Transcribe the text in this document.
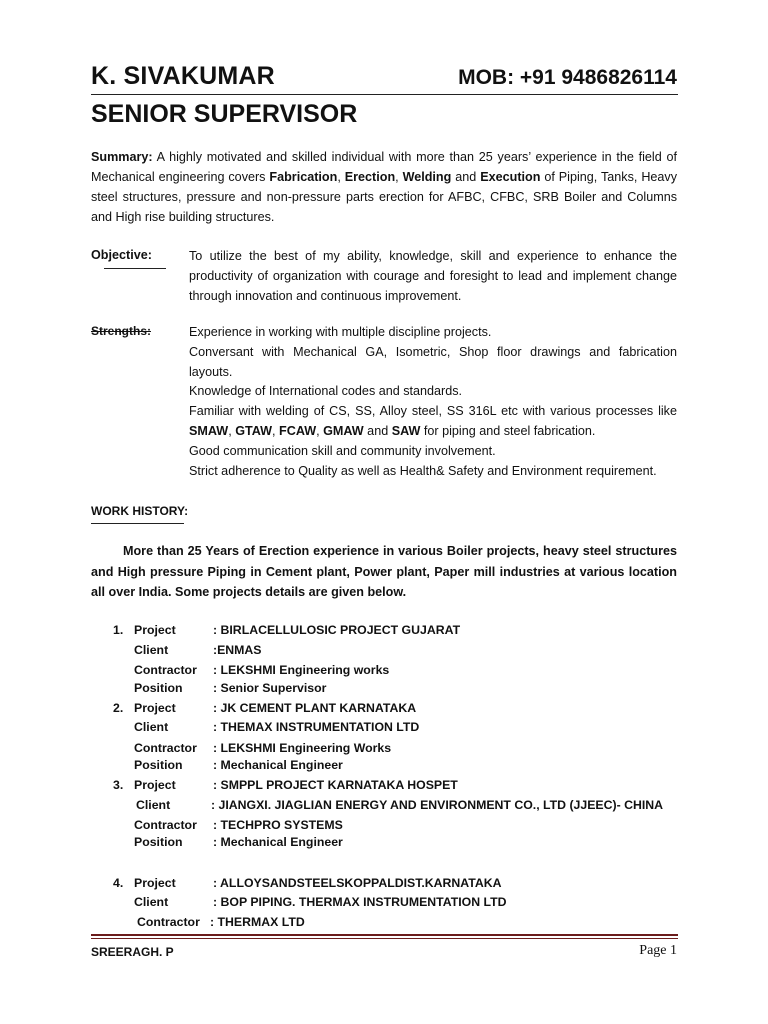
K. SIVAKUMAR	MOB: +91 9486826114
SENIOR SUPERVISOR
Summary: A highly motivated and skilled individual with more than 25 years’ experience in the field of Mechanical engineering covers Fabrication, Erection, Welding and Execution of Piping, Tanks, Heavy steel structures, pressure and non-pressure parts erection for AFBC, CFBC, SRB Boiler and Columns and High rise building structures.
Objective:	To utilize the best of my ability, knowledge, skill and experience to enhance the productivity of organization with courage and foresight to lead and implement change through innovation and continuous improvement.
Strengths:	Experience in working with multiple discipline projects.
Conversant with Mechanical GA, Isometric, Shop floor drawings and fabrication layouts.
Knowledge of International codes and standards.
Familiar with welding of CS, SS, Alloy steel, SS 316L etc with various processes like SMAW, GTAW, FCAW, GMAW and SAW for piping and steel fabrication.
Good communication skill and community involvement.
Strict adherence to Quality as well as Health& Safety and Environment requirement.
WORK HISTORY:
More than 25 Years of Erection experience in various Boiler projects, heavy steel structures and High pressure Piping in Cement plant, Power plant, Paper mill industries at various location all over India. Some projects details are given below.
1. Project	: BIRLACELLULOSIC PROJECT GUJARAT
Client	:ENMAS
Contractor : LEKSHMI Engineering works
Position : Senior Supervisor
2. Project	: JK CEMENT PLANT KARNATAKA
Client	: THEMAX INSTRUMENTATION LTD
Contractor : LEKSHMI Engineering Works
Position : Mechanical Engineer
3. Project	: SMPPL PROJECT KARNATAKA HOSPET
Client	: JIANGXI. JIAGLIAN ENERGY AND ENVIRONMENT CO., LTD (JJEEC)- CHINA
Contractor : TECHPRO SYSTEMS
Position : Mechanical Engineer
4. Project	: ALLOYSANDSTEELSKOPPALDIST.KARNATAKA
Client	: BOP PIPING. THERMAX INSTRUMENTATION LTD
Contractor : THERMAX LTD
SREERAGH. P	Page 1
